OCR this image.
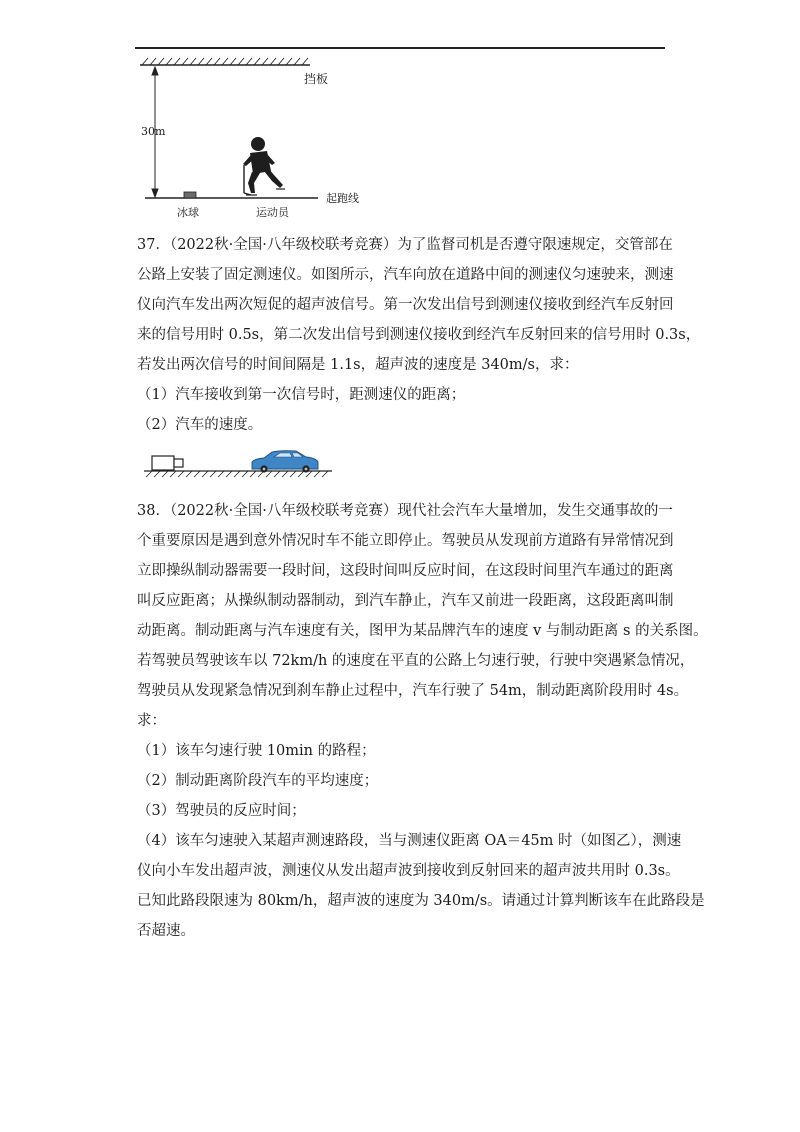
挡板
30m
冰球	运动员
起跑线
37．（2022秋·全国·八年级校联考竞赛）为了监督司机是否遵守限速规定，交管部在
公路上安装了固定测速仪。如图所示，汽车向放在道路中间的测速仪匀速驶来，测速
仪向汽车发出两次短促的超声波信号。第一次发出信号到测速仪接收到经汽车反射回
来的信号用时 0.5s，第二次发出信号到测速仪接收到经汽车反射回来的信号用时 0.3s，
若发出两次信号的时间间隔是 1.1s，超声波的速度是 340m/s，求：
（1）汽车接收到第一次信号时，距测速仪的距离；
（2）汽车的速度。
38．（2022秋·全国·八年级校联考竞赛）现代社会汽车大量增加，发生交通事故的一
个重要原因是遇到意外情况时车不能立即停止。驾驶员从发现前方道路有异常情况到
立即操纵制动器需要一段时间，这段时间叫反应时间，在这段时间里汽车通过的距离
叫反应距离；从操纵制动器制动，到汽车静止，汽车又前进一段距离，这段距离叫制
动距离。制动距离与汽车速度有关，图甲为某品牌汽车的速度 v 与制动距离 s 的关系图。
若驾驶员驾驶该车以 72km/h 的速度在平直的公路上匀速行驶，行驶中突遇紧急情况，
驾驶员从发现紧急情况到刹车静止过程中，汽车行驶了 54m，制动距离阶段用时 4s。
求：
（1）该车匀速行驶 10min 的路程；
（2）制动距离阶段汽车的平均速度；
（3）驾驶员的反应时间；
（4）该车匀速驶入某超声测速路段，当与测速仪距离 OA＝45m 时（如图乙），测速
仪向小车发出超声波，测速仪从发出超声波到接收到反射回来的超声波共用时 0.3s。
已知此路段限速为 80km/h，超声波的速度为 340m/s。请通过计算判断该车在此路段是
否超速。
